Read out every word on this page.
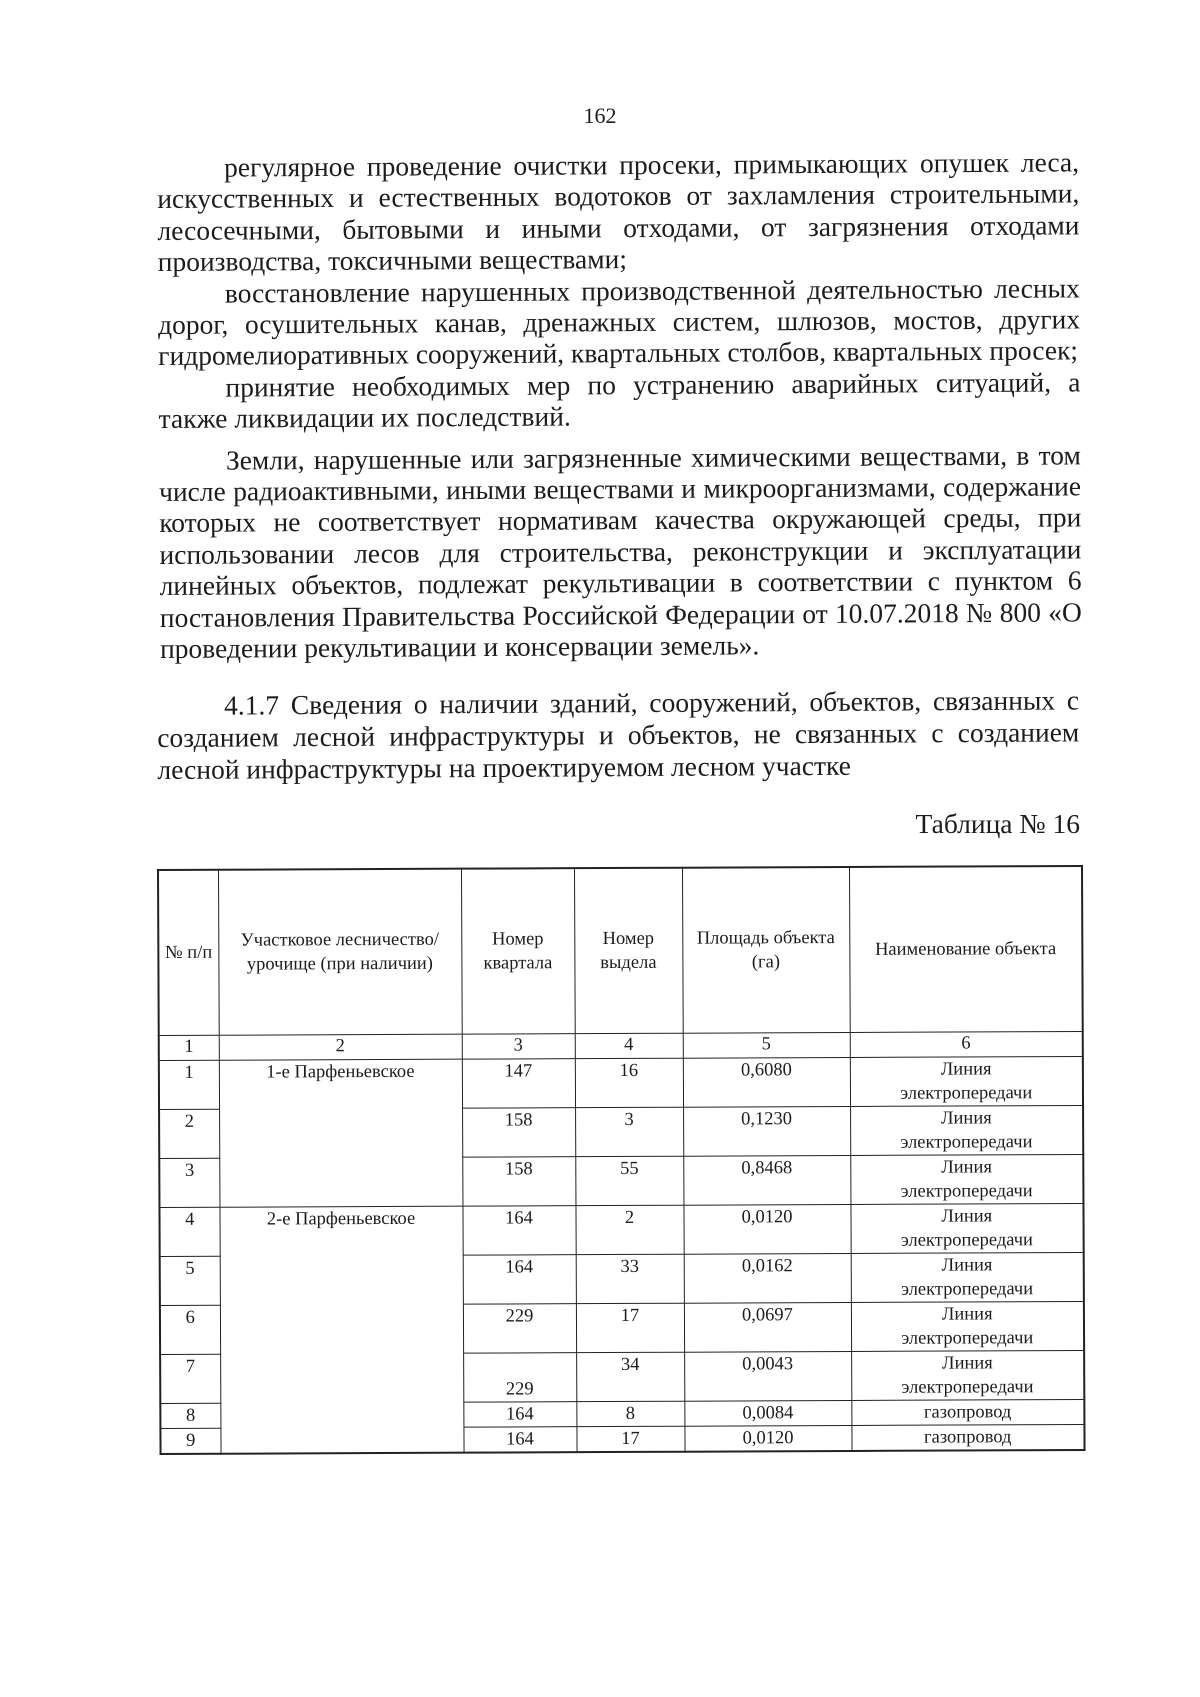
162

регулярное проведение очистки просеки, примыкающих опушек леса, искусственных и естественных водотоков от захламления строительными, лесосечными, бытовыми и иными отходами, от загрязнения отходами производства, токсичными веществами;

восстановление нарушенных производственной деятельностью лесных дорог, осушительных канав, дренажных систем, шлюзов, мостов, других гидромелиоративных сооружений, квартальных столбов, квартальных просек;

принятие необходимых мер по устранению аварийных ситуаций, а также ликвидации их последствий.

Земли, нарушенные или загрязненные химическими веществами, в том числе радиоактивными, иными веществами и микроорганизмами, содержание которых не соответствует нормативам качества окружающей среды, при использовании лесов для строительства, реконструкции и эксплуатации линейных объектов, подлежат рекультивации в соответствии с пунктом 6 постановления Правительства Российской Федерации от 10.07.2018 № 800 «О проведении рекультивации и консервации земель».

4.1.7 Сведения о наличии зданий, сооружений, объектов, связанных с созданием лесной инфраструктуры и объектов, не связанных с созданием лесной инфраструктуры на проектируемом лесном участке

Таблица № 16
№ п/п	Участковое лесничество/урочище (при наличии)	Номер квартала	Номер выдела	Площадь объекта (га)	Наименование объекта
1	2	3	4	5	6
1	1-е Парфеньевское	147	16	0,6080	Линия
электропередачи

2		158	3	0,1230	Линия
электропередачи

3		158	55	0,8468	Линия
электропередачи

4	2-е Парфеньевское	164	2	0,0120	Линия
электропередачи

5		164	33	0,0162	Линия
электропередачи

6		229	17	0,0697	Линия
электропередачи

7		229	34	0,0043	Линия
электропередачи

8		164	8	0,0084	газопровод

9		164	17	0,0120	газопровод
